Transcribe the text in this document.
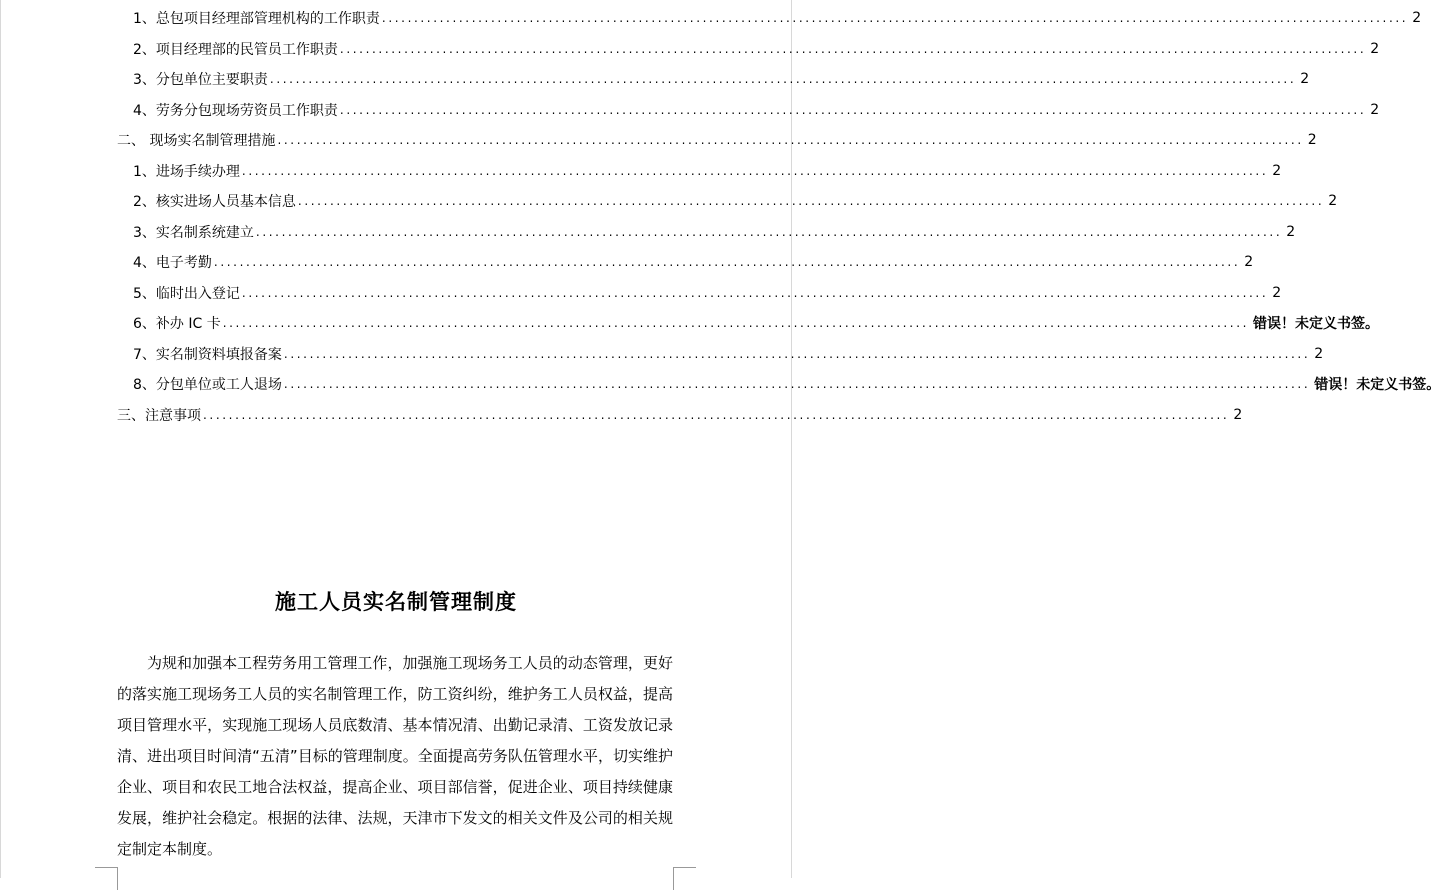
1、总包项目经理部管理机构的工作职责 ................................................................................................................................................................ 2
2、项目经理部的民管员工作职责 ................................................................................................................................................................ 2
3、分包单位主要职责 ................................................................................................................................................................ 2
4、劳务分包现场劳资员工作职责 ................................................................................................................................................................ 2
二、 现场实名制管理措施 ................................................................................................................................................................ 2
1、进场手续办理 ................................................................................................................................................................ 2
2、核实进场人员基本信息 ................................................................................................................................................................ 2
3、实名制系统建立 ................................................................................................................................................................ 2
4、电子考勤 ................................................................................................................................................................ 2
5、临时出入登记 ................................................................................................................................................................ 2
6、补办 IC 卡 ................................................................................................................................................................ 错误！未定义书签。
7、实名制资料填报备案 ................................................................................................................................................................ 2
8、分包单位或工人退场 ................................................................................................................................................................ 错误！未定义书签。
三、注意事项 ................................................................................................................................................................ 2
施工人员实名制管理制度

为规和加强本工程劳务用工管理工作，加强施工现场务工人员的动态管理，更好的落实施工现场务工人员的实名制管理工作，防工资纠纷，维护务工人员权益，提高项目管理水平，实现施工现场人员底数清、基本情况清、出勤记录清、工资发放记录清、进出项目时间清“五清”目标的管理制度。全面提高劳务队伍管理水平，切实维护企业、项目和农民工地合法权益，提高企业、项目部信誉，促进企业、项目持续健康发展，维护社会稳定。根据的法律、法规，天津市下发文的相关文件及公司的相关规定制定本制度。
